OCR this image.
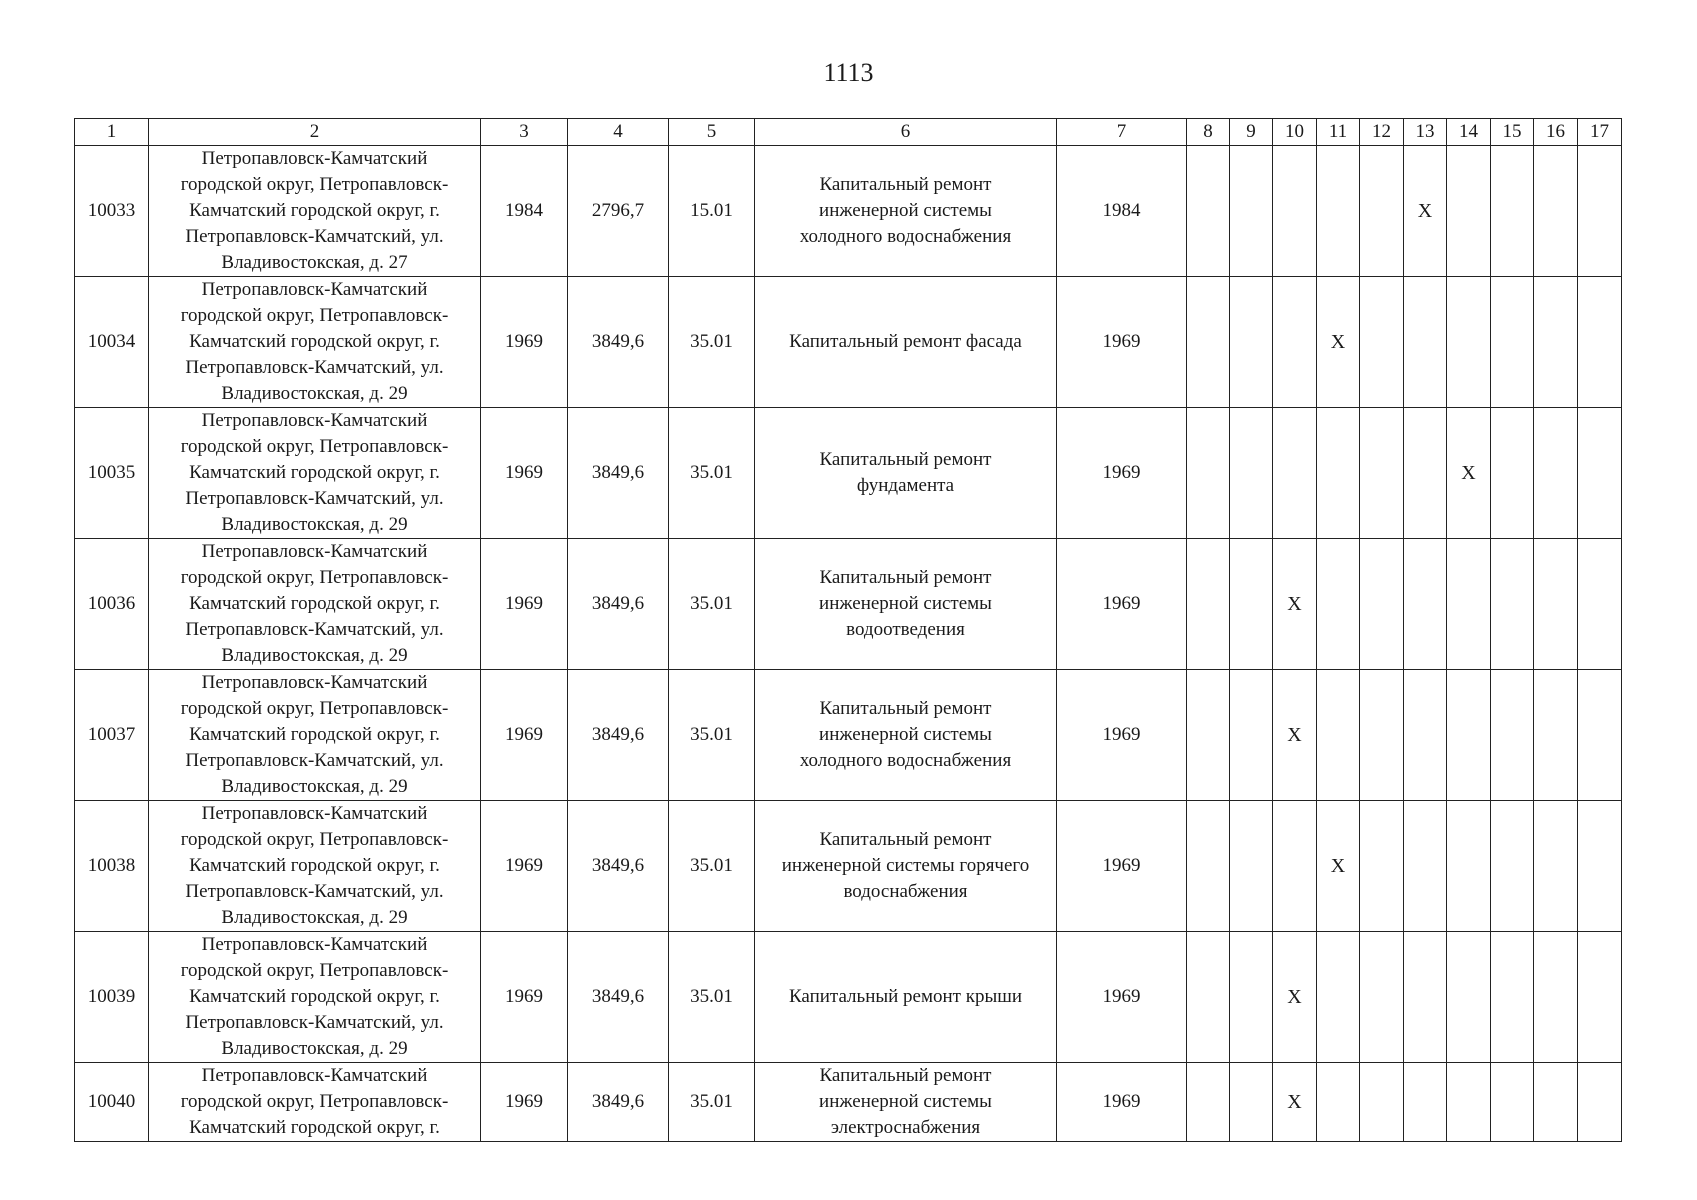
1113
1	2	3	4	5	6	7	8	9	10	11	12	13	14	15	16	17
10033	Петропавловск-Камчатский
городской округ, Петропавловск-
Камчатский городской округ, г.
Петропавловск-Камчатский, ул.
Владивостокская, д. 27	1984	2796,7	15.01	Капитальный ремонт
инженерной системы
холодного водоснабжения	1984						X				
10034	Петропавловск-Камчатский
городской округ, Петропавловск-
Камчатский городской округ, г.
Петропавловск-Камчатский, ул.
Владивостокская, д. 29	1969	3849,6	35.01	Капитальный ремонт фасада	1969				X						
10035	Петропавловск-Камчатский
городской округ, Петропавловск-
Камчатский городской округ, г.
Петропавловск-Камчатский, ул.
Владивостокская, д. 29	1969	3849,6	35.01	Капитальный ремонт
фундамента	1969							X			
10036	Петропавловск-Камчатский
городской округ, Петропавловск-
Камчатский городской округ, г.
Петропавловск-Камчатский, ул.
Владивостокская, д. 29	1969	3849,6	35.01	Капитальный ремонт
инженерной системы
водоотведения	1969			X							
10037	Петропавловск-Камчатский
городской округ, Петропавловск-
Камчатский городской округ, г.
Петропавловск-Камчатский, ул.
Владивостокская, д. 29	1969	3849,6	35.01	Капитальный ремонт
инженерной системы
холодного водоснабжения	1969			X							
10038	Петропавловск-Камчатский
городской округ, Петропавловск-
Камчатский городской округ, г.
Петропавловск-Камчатский, ул.
Владивостокская, д. 29	1969	3849,6	35.01	Капитальный ремонт
инженерной системы горячего
водоснабжения	1969				X						
10039	Петропавловск-Камчатский
городской округ, Петропавловск-
Камчатский городской округ, г.
Петропавловск-Камчатский, ул.
Владивостокская, д. 29	1969	3849,6	35.01	Капитальный ремонт крыши	1969			X							
10040	Петропавловск-Камчатский
городской округ, Петропавловск-
Камчатский городской округ, г.	1969	3849,6	35.01	Капитальный ремонт
инженерной системы
электроснабжения	1969			X							
